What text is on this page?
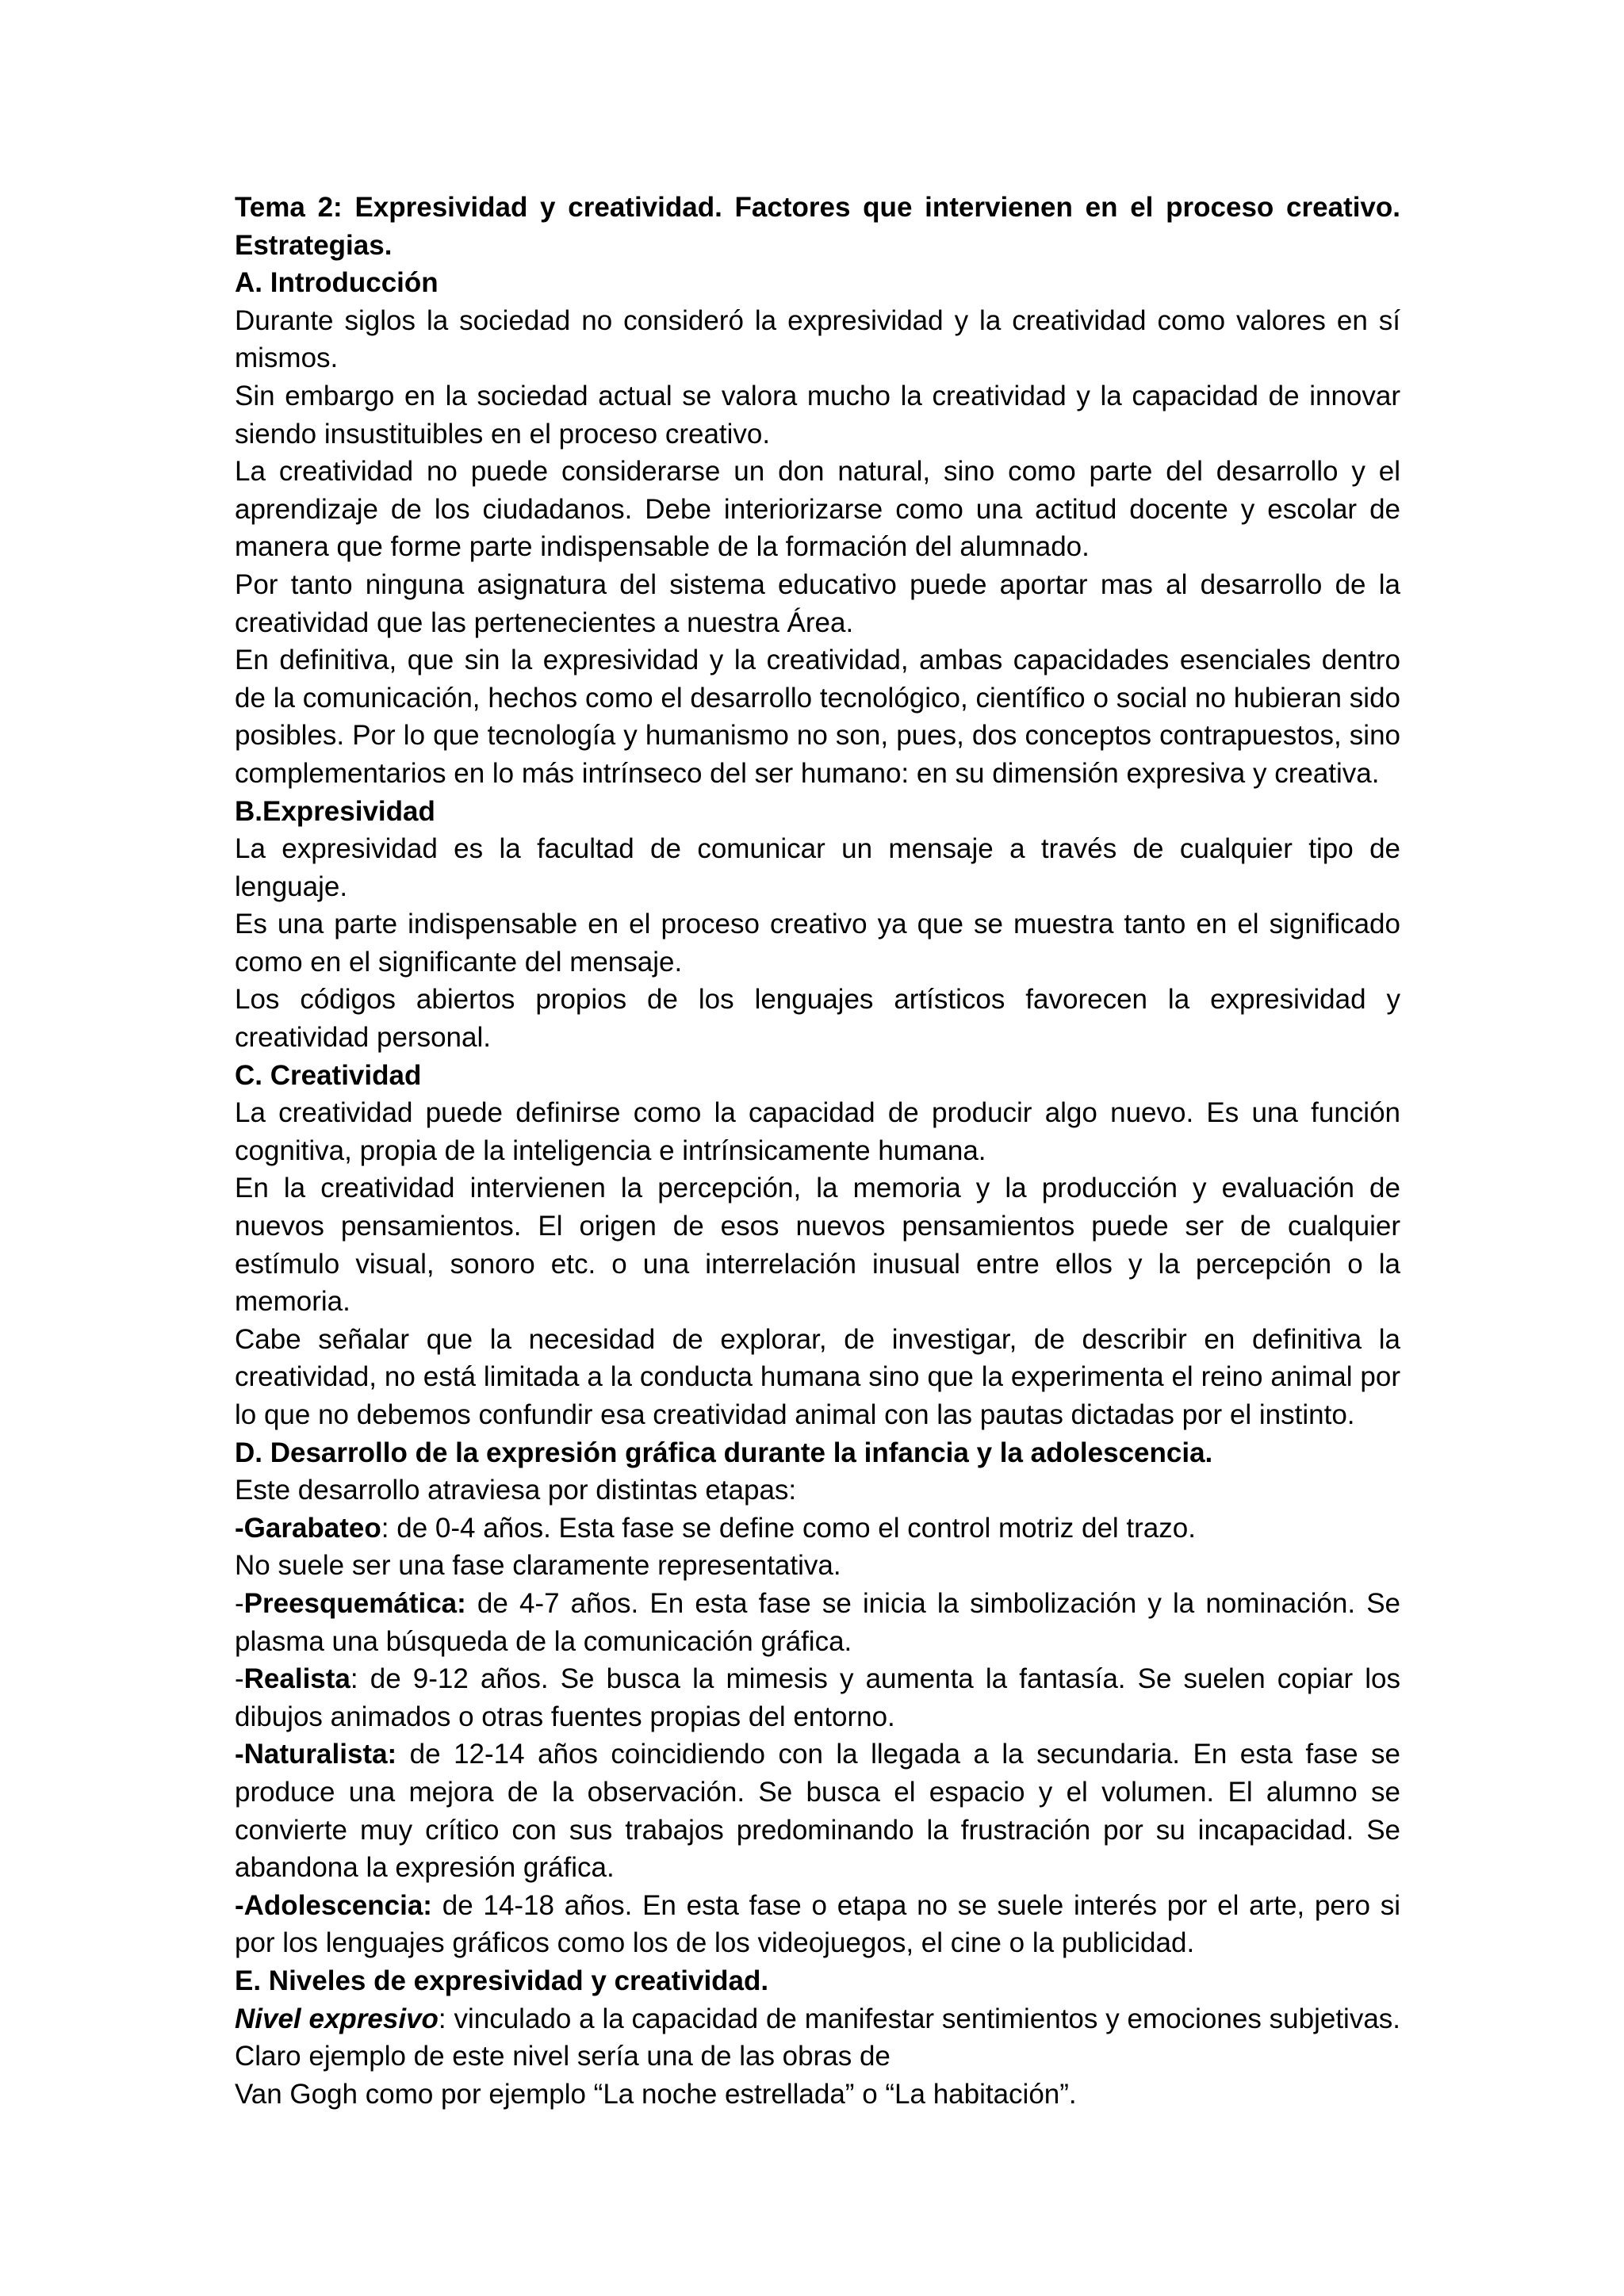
Tema 2: Expresividad y creatividad. Factores que intervienen en el proceso creativo. Estrategias.

A. Introducción

Durante siglos la sociedad no consideró la expresividad y la creatividad como valores en sí mismos.

Sin embargo en la sociedad actual se valora mucho la creatividad y la capacidad de innovar siendo insustituibles en el proceso creativo.

La creatividad no puede considerarse un don natural, sino como parte del desarrollo y el aprendizaje de los ciudadanos. Debe interiorizarse como una actitud docente y escolar de manera que forme parte indispensable de la formación del alumnado.

Por tanto ninguna asignatura del sistema educativo puede aportar mas al desarrollo de la creatividad que las pertenecientes a nuestra Área.

En definitiva, que sin la expresividad y la creatividad, ambas capacidades esenciales dentro de la comunicación, hechos como el desarrollo tecnológico, científico o social no hubieran sido posibles. Por lo que tecnología y humanismo no son, pues, dos conceptos contrapuestos, sino complementarios en lo más intrínseco del ser humano: en su dimensión expresiva y creativa.

B.Expresividad

La expresividad es la facultad de comunicar un mensaje a través de cualquier tipo de lenguaje.

Es una parte indispensable en el proceso creativo ya que se muestra tanto en el significado como en el significante del mensaje.

Los códigos abiertos propios de los lenguajes artísticos favorecen la expresividad y creatividad personal.

C. Creatividad

La creatividad puede definirse como la capacidad de producir algo nuevo. Es una función cognitiva, propia de la inteligencia e intrínsicamente humana.

En la creatividad intervienen la percepción, la memoria y la producción y evaluación de nuevos pensamientos. El origen de esos nuevos pensamientos puede ser de cualquier estímulo visual, sonoro etc. o una interrelación inusual entre ellos y la percepción o la memoria.

Cabe señalar que la necesidad de explorar, de investigar, de describir en definitiva la creatividad, no está limitada a la conducta humana sino que la experimenta el reino animal por lo que no debemos confundir esa creatividad animal con las pautas dictadas por el instinto.

D. Desarrollo de la expresión gráfica durante la infancia y la adolescencia.

Este desarrollo atraviesa por distintas etapas:

-Garabateo: de 0-4 años. Esta fase se define como el control motriz del trazo.

No suele ser una fase claramente representativa.

-Preesquemática: de 4-7 años. En esta fase se inicia la simbolización y la nominación. Se plasma una búsqueda de la comunicación gráfica.

-Realista: de 9-12 años. Se busca la mimesis y aumenta la fantasía. Se suelen copiar los dibujos animados o otras fuentes propias del entorno.

-Naturalista: de 12-14 años coincidiendo con la llegada a la secundaria. En esta fase se produce una mejora de la observación. Se busca el espacio y el volumen. El alumno se convierte muy crítico con sus trabajos predominando la frustración por su incapacidad. Se abandona la expresión gráfica.

-Adolescencia: de 14-18 años. En esta fase o etapa no se suele interés por el arte, pero si por los lenguajes gráficos como los de los videojuegos, el cine o la publicidad.

E. Niveles de expresividad y creatividad.

Nivel expresivo: vinculado a la capacidad de manifestar sentimientos y emociones subjetivas. Claro ejemplo de este nivel sería una de las obras de

Van Gogh como por ejemplo “La noche estrellada” o “La habitación”.
